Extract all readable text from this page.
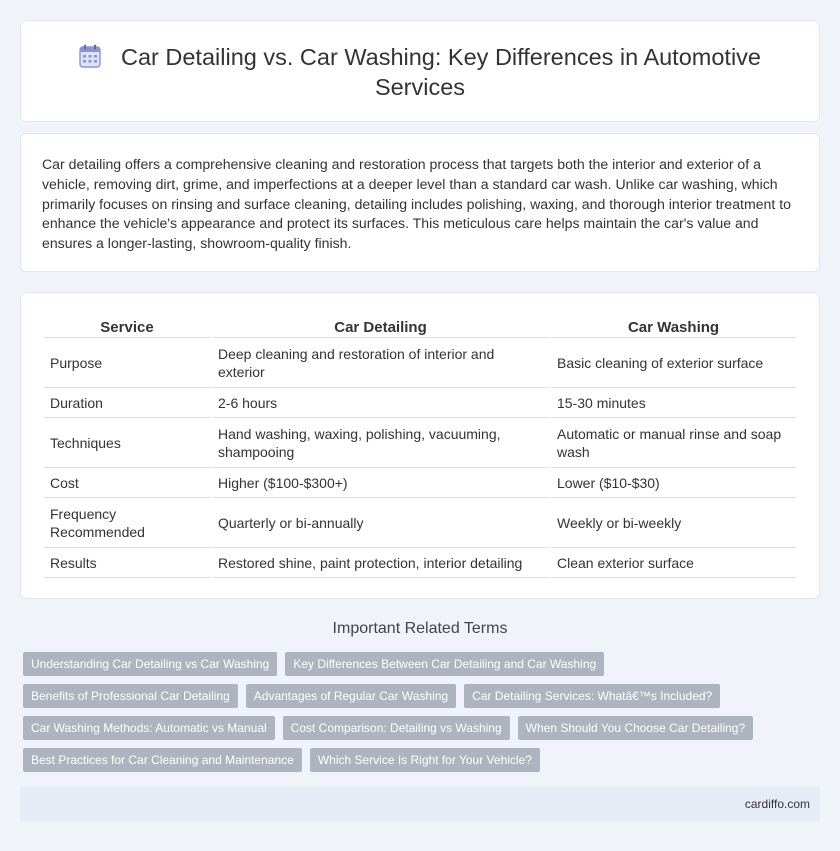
Car Detailing vs. Car Washing: Key Differences in Automotive Services

Car detailing offers a comprehensive cleaning and restoration process that targets both the interior and exterior of a vehicle, removing dirt, grime, and imperfections at a deeper level than a standard car wash. Unlike car washing, which primarily focuses on rinsing and surface cleaning, detailing includes polishing, waxing, and thorough interior treatment to enhance the vehicle's appearance and protect its surfaces. This meticulous care helps maintain the car's value and ensures a longer-lasting, showroom-quality finish.

Service	Car Detailing	Car Washing
Purpose	Deep cleaning and restoration of interior and exterior	Basic cleaning of exterior surface
Duration	2-6 hours	15-30 minutes
Techniques	Hand washing, waxing, polishing, vacuuming, shampooing	Automatic or manual rinse and soap wash
Cost	Higher ($100-$300+)	Lower ($10-$30)
Frequency Recommended	Quarterly or bi-annually	Weekly or bi-weekly
Results	Restored shine, paint protection, interior detailing	Clean exterior surface
Important Related Terms
Understanding Car Detailing vs Car Washing	Key Differences Between Car Detailing and Car Washing
Benefits of Professional Car Detailing	Advantages of Regular Car Washing	Car Detailing Services: Whatâ€™s Included?
Car Washing Methods: Automatic vs Manual	Cost Comparison: Detailing vs Washing	When Should You Choose Car Detailing?
Best Practices for Car Cleaning and Maintenance	Which Service Is Right for Your Vehicle?
cardiffo.com
